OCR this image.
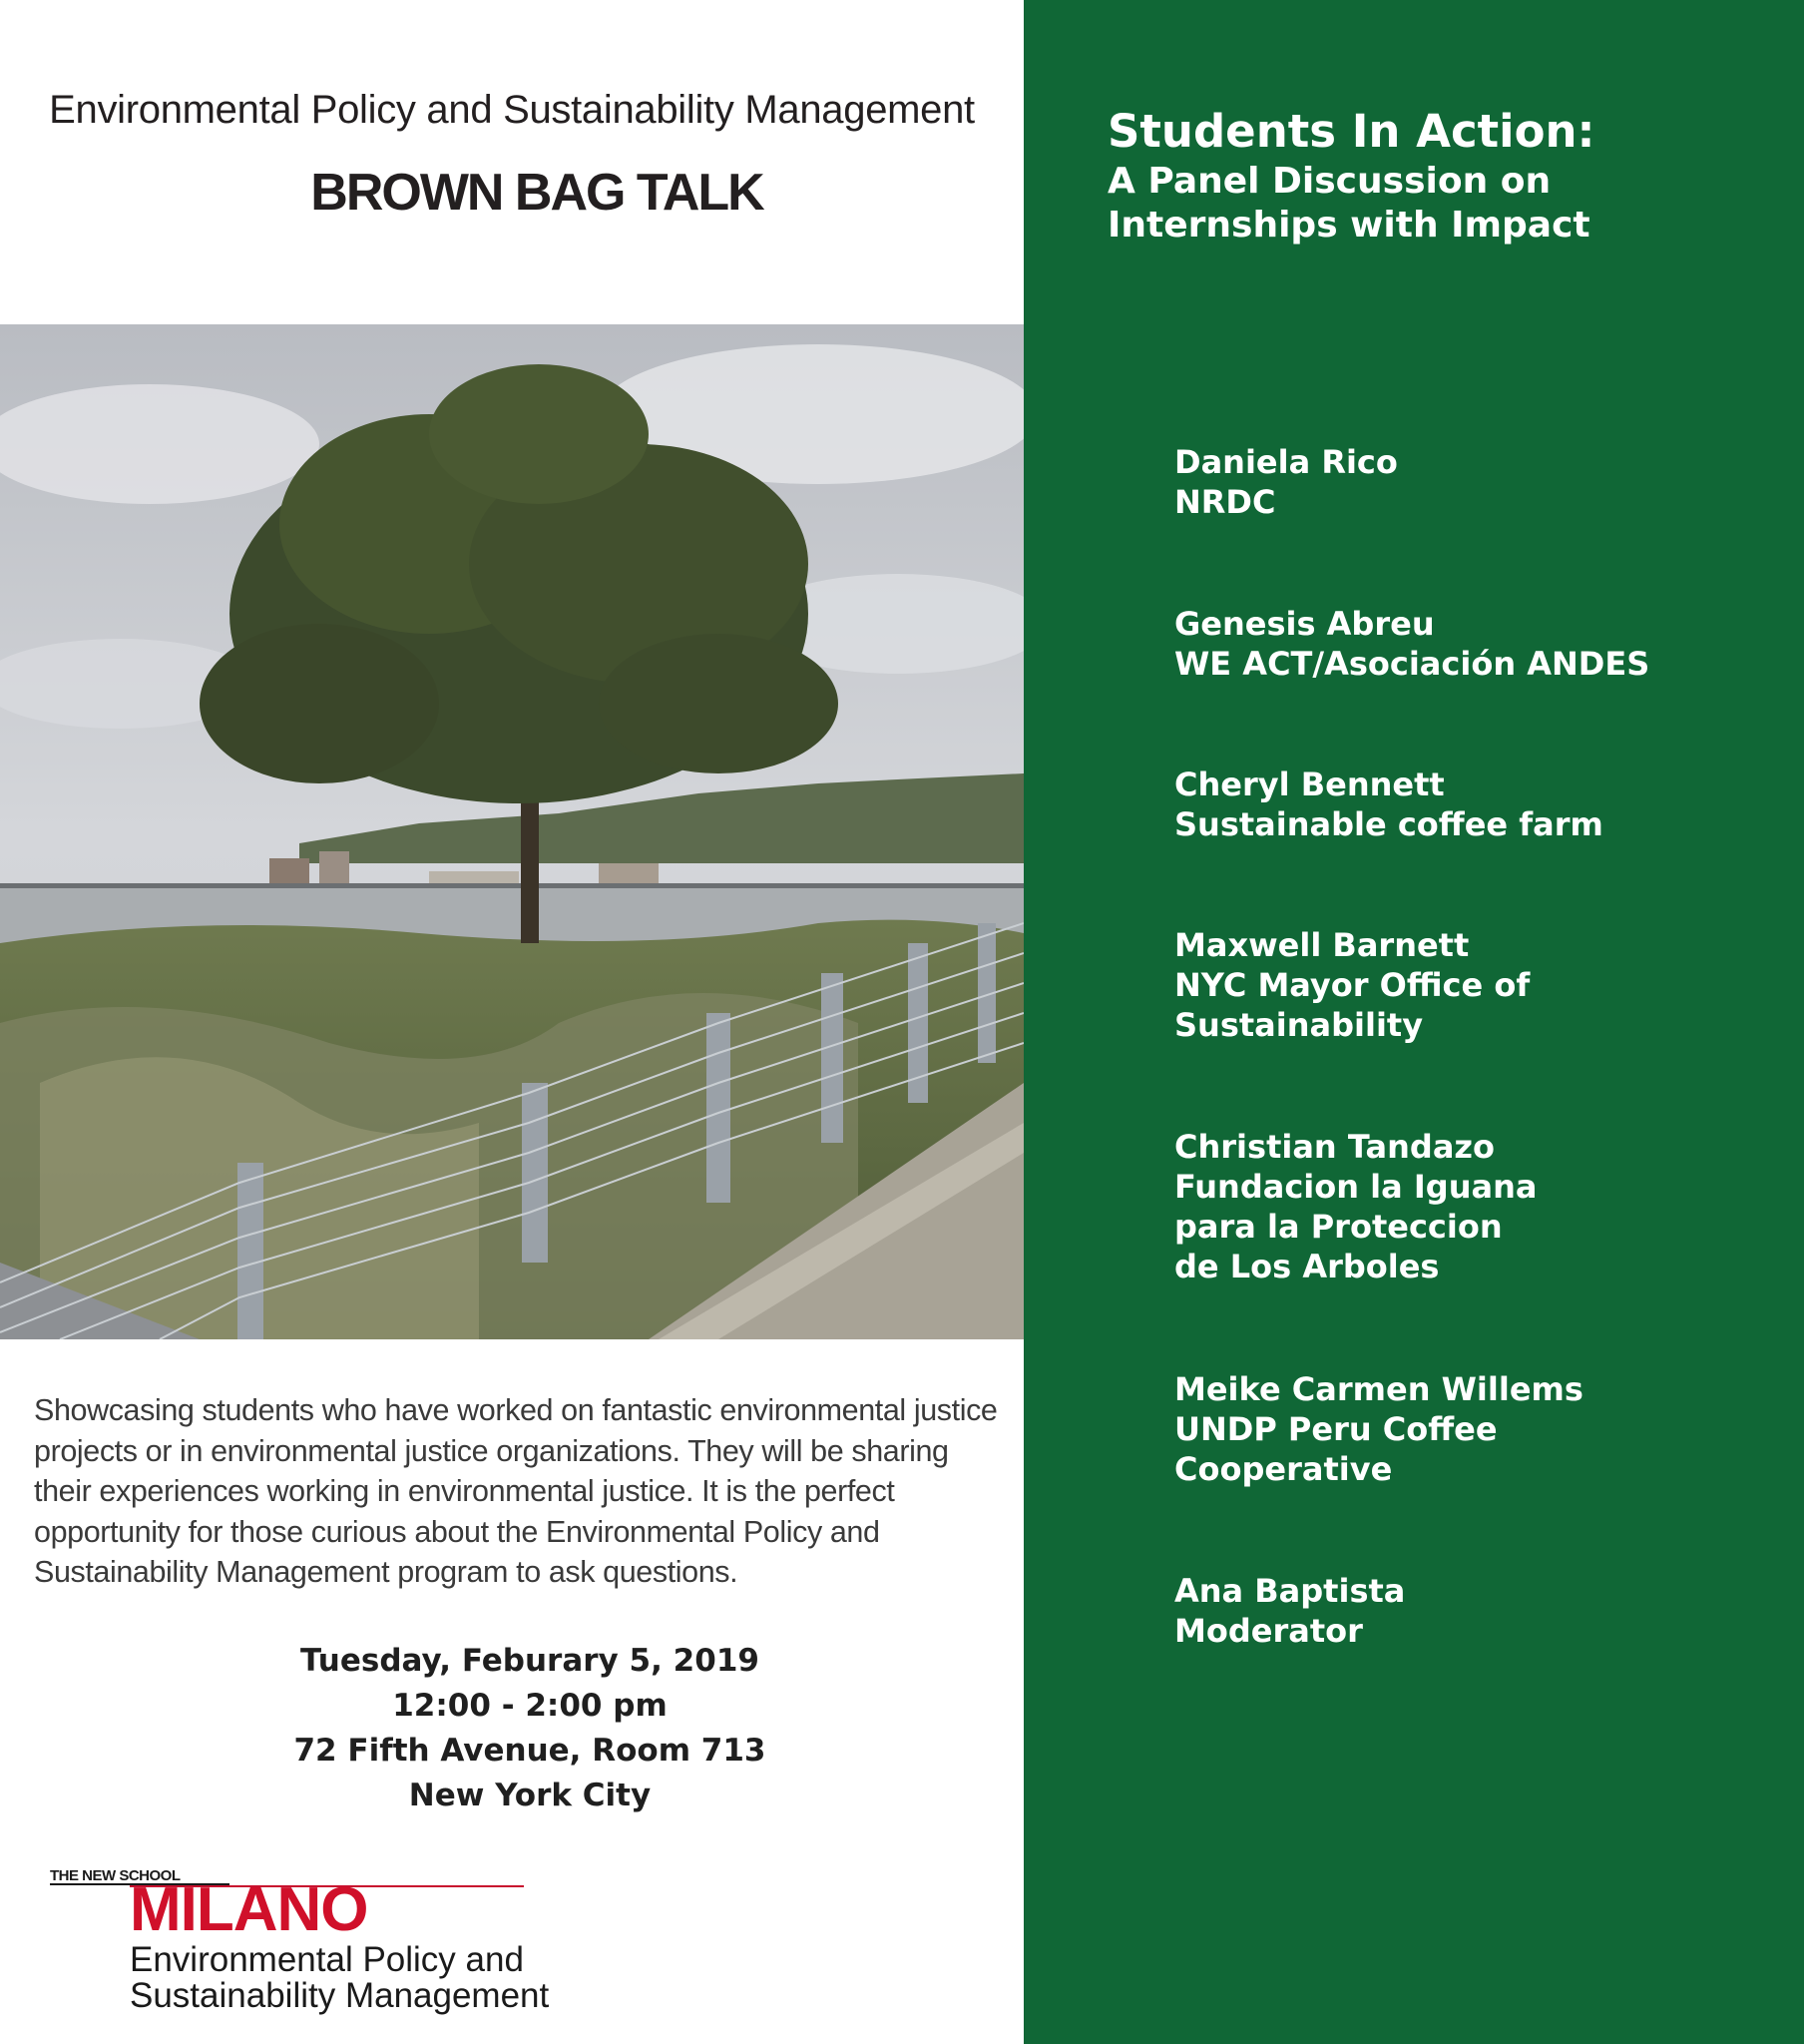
Environmental Policy and Sustainability Management
BROWN BAG TALK
Showcasing students who have worked on fantastic environmental justice projects or in environmental justice organizations. They will be sharing their experiences working in environmental justice. It is the perfect opportunity for those curious about the Environmental Policy and Sustainability Management program to ask questions.
Tuesday, Feburary 5, 2019
12:00 - 2:00 pm
72 Fifth Avenue, Room 713
New York City
THE NEW SCHOOL
MILANO
Environmental Policy and
Sustainability Management
Students In Action:
A Panel Discussion on
Internships with Impact
Daniela Rico
NRDC
Genesis Abreu
WE ACT/Asociación ANDES
Cheryl Bennett
Sustainable coffee farm
Maxwell Barnett
NYC Mayor Office of
Sustainability
Christian Tandazo
Fundacion la Iguana
para la Proteccion
de Los Arboles
Meike Carmen Willems
UNDP Peru Coffee
Cooperative
Ana Baptista
Moderator
